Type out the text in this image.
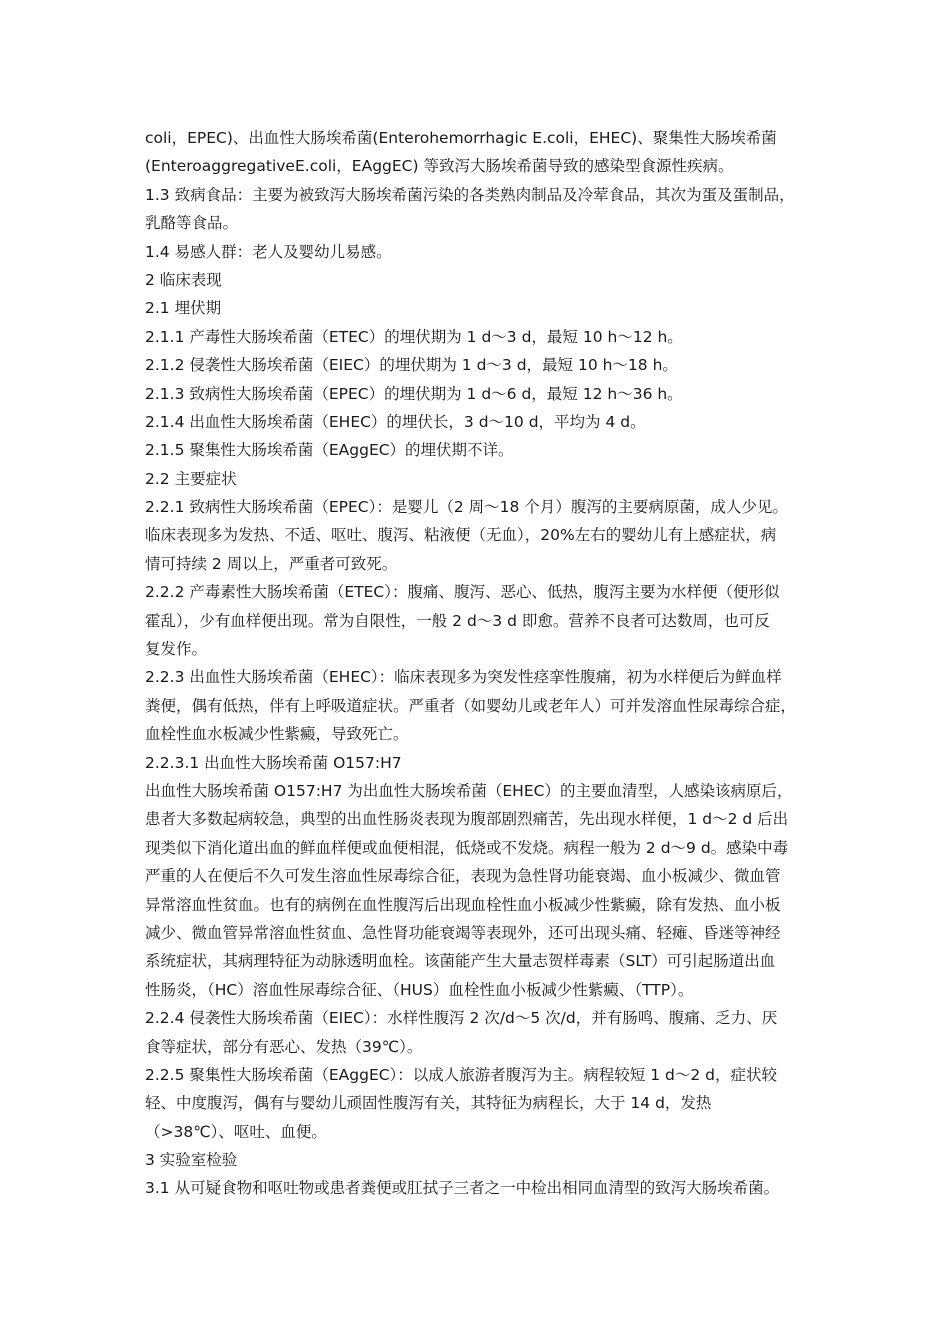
coli，EPEC)、出血性大肠埃希菌(Enterohemorrhagic E.coli，EHEC)、聚集性大肠埃希菌
(EnteroaggregativeE.coli，EAggEC) 等致泻大肠埃希菌导致的感染型食源性疾病。
1.3 致病食品：主要为被致泻大肠埃希菌污染的各类熟肉制品及冷荤食品，其次为蛋及蛋制品，
乳酪等食品。
1.4 易感人群：老人及婴幼儿易感。
2 临床表现
2.1 埋伏期
2.1.1 产毒性大肠埃希菌（ETEC）的埋伏期为 1 d～3 d，最短 10 h～12 h。
2.1.2 侵袭性大肠埃希菌（EIEC）的埋伏期为 1 d～3 d，最短 10 h～18 h。
2.1.3 致病性大肠埃希菌（EPEC）的埋伏期为 1 d～6 d，最短 12 h～36 h。
2.1.4 出血性大肠埃希菌（EHEC）的埋伏长，3 d～10 d，平均为 4 d。
2.1.5 聚集性大肠埃希菌（EAggEC）的埋伏期不详。
2.2 主要症状
2.2.1 致病性大肠埃希菌（EPEC）：是婴儿（2 周～18 个月）腹泻的主要病原菌，成人少见。
临床表现多为发热、不适、呕吐、腹泻、粘液便（无血），20%左右的婴幼儿有上感症状，病
情可持续 2 周以上，严重者可致死。
2.2.2 产毒素性大肠埃希菌（ETEC）：腹痛、腹泻、恶心、低热，腹泻主要为水样便（便形似
霍乱），少有血样便出现。常为自限性，一般 2 d～3 d 即愈。营养不良者可达数周，也可反
复发作。
2.2.3 出血性大肠埃希菌（EHEC）：临床表现多为突发性痉挛性腹痛，初为水样便后为鲜血样
粪便，偶有低热，伴有上呼吸道症状。严重者（如婴幼儿或老年人）可并发溶血性尿毒综合症，
血栓性血水板减少性紫癜，导致死亡。
2.2.3.1 出血性大肠埃希菌 O157:H7
出血性大肠埃希菌 O157:H7 为出血性大肠埃希菌（EHEC）的主要血清型，人感染该病原后，
患者大多数起病较急，典型的出血性肠炎表现为腹部剧烈痛苦，先出现水样便，1 d～2 d 后出
现类似下消化道出血的鲜血样便或血便相混，低烧或不发烧。病程一般为 2 d～9 d。感染中毒
严重的人在便后不久可发生溶血性尿毒综合征，表现为急性肾功能衰竭、血小板减少、微血管
异常溶血性贫血。也有的病例在血性腹泻后出现血栓性血小板减少性紫癜，除有发热、血小板
减少、微血管异常溶血性贫血、急性肾功能衰竭等表现外，还可出现头痛、轻瘫、昏迷等神经
系统症状，其病理特征为动脉透明血栓。该菌能产生大量志贺样毒素（SLT）可引起肠道出血
性肠炎，（HC）溶血性尿毒综合征、（HUS）血栓性血小板减少性紫癜、（TTP）。
2.2.4 侵袭性大肠埃希菌（EIEC）：水样性腹泻 2 次/d～5 次/d，并有肠鸣、腹痛、乏力、厌
食等症状，部分有恶心、发热（39℃）。
2.2.5 聚集性大肠埃希菌（EAggEC）：以成人旅游者腹泻为主。病程较短 1 d～2 d，症状较
轻、中度腹泻，偶有与婴幼儿顽固性腹泻有关，其特征为病程长，大于 14 d，发热
（>38℃）、呕吐、血便。
3 实验室检验
3.1 从可疑食物和呕吐物或患者粪便或肛拭子三者之一中检出相同血清型的致泻大肠埃希菌。
